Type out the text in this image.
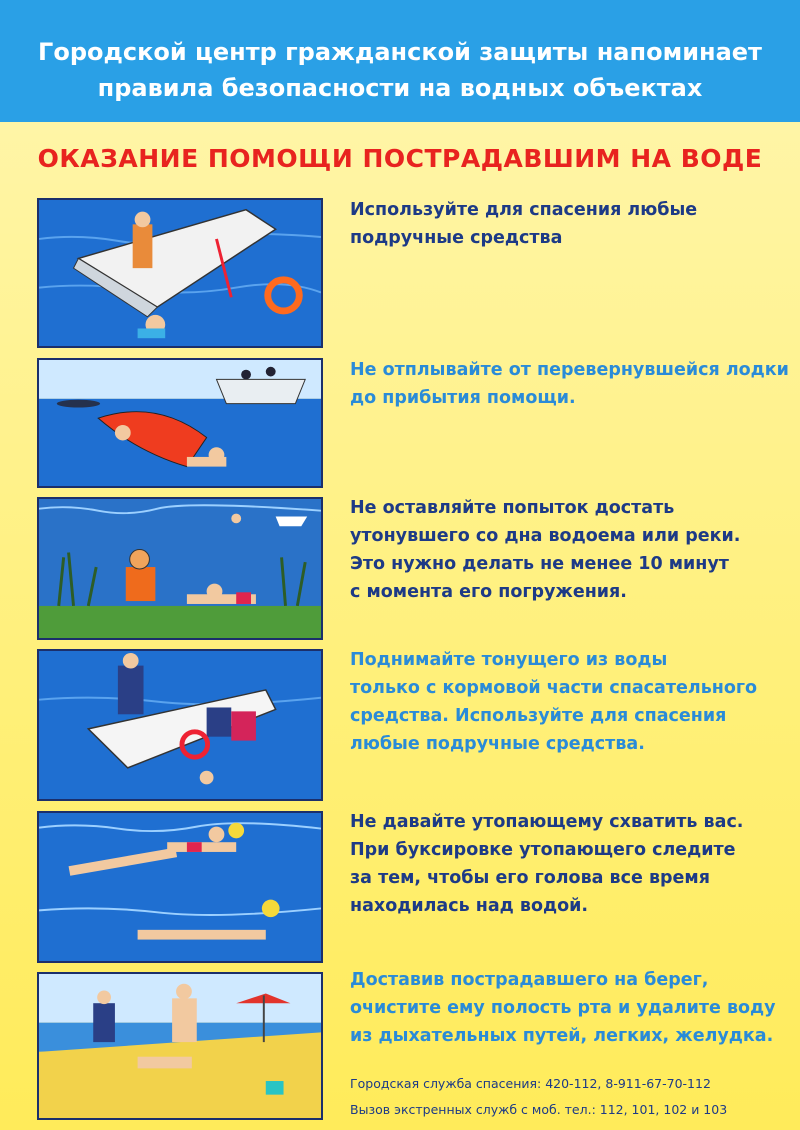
Городской центр гражданской защиты напоминает
правила безопасности на водных объектах
ОКАЗАНИЕ ПОМОЩИ ПОСТРАДАВШИМ НА ВОДЕ
Используйте для спасения любые
подручные средства
Не отплывайте от перевернувшейся лодки
до прибытия помощи.
Не оставляйте попыток достать
утонувшего со дна водоема или реки.
Это нужно делать не менее 10 минут
с момента его погружения.
Поднимайте тонущего из воды
только с кормовой части спасательного
средства. Используйте для спасения
любые подручные средства.
Не давайте утопающему схватить вас.
При буксировке утопающего следите
за тем, чтобы его голова все время
находилась над водой.
Доставив пострадавшего на берег,
очистите ему полость рта и удалите воду
из дыхательных путей, легких, желудка.
Городская служба спасения: 420-112, 8-911-67-70-112
Вызов экстренных служб с моб. тел.: 112, 101, 102 и 103
